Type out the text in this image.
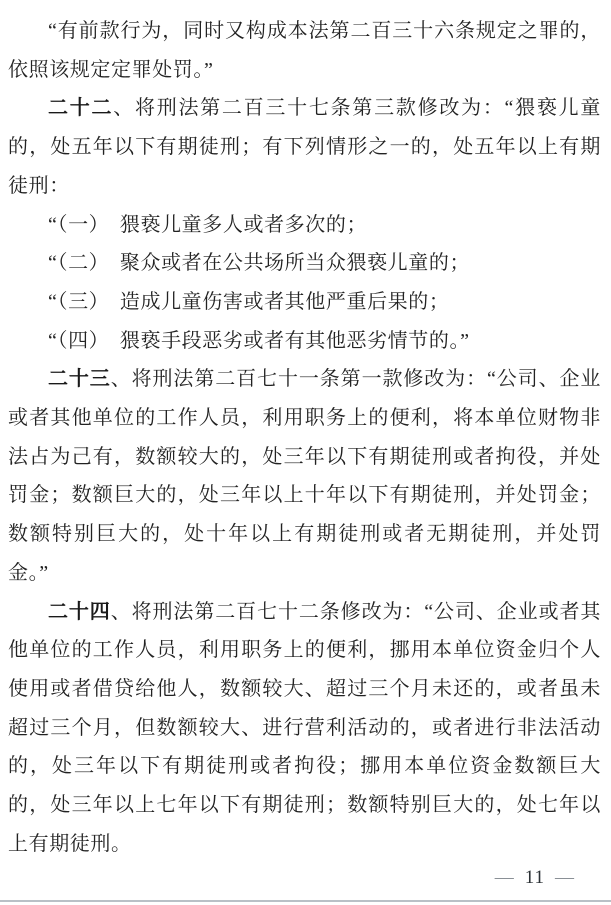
“有前款行为，同时又构成本法第二百三十六条规定之罪的，依照该规定定罪处罚。”

二十二、将刑法第二百三十七条第三款修改为：“猥亵儿童的，处五年以下有期徒刑；有下列情形之一的，处五年以上有期徒刑：

“（一）　猥亵儿童多人或者多次的；

“（二）　聚众或者在公共场所当众猥亵儿童的；

“（三）　造成儿童伤害或者其他严重后果的；

“（四）　猥亵手段恶劣或者有其他恶劣情节的。”

二十三、将刑法第二百七十一条第一款修改为：“公司、企业或者其他单位的工作人员，利用职务上的便利，将本单位财物非法占为己有，数额较大的，处三年以下有期徒刑或者拘役，并处罚金；数额巨大的，处三年以上十年以下有期徒刑，并处罚金；数额特别巨大的，处十年以上有期徒刑或者无期徒刑，并处罚金。”

二十四、将刑法第二百七十二条修改为：“公司、企业或者其他单位的工作人员，利用职务上的便利，挪用本单位资金归个人使用或者借贷给他人，数额较大、超过三个月未还的，或者虽未超过三个月，但数额较大、进行营利活动的，或者进行非法活动的，处三年以下有期徒刑或者拘役；挪用本单位资金数额巨大的，处三年以上七年以下有期徒刑；数额特别巨大的，处七年以上有期徒刑。

— 11 —
